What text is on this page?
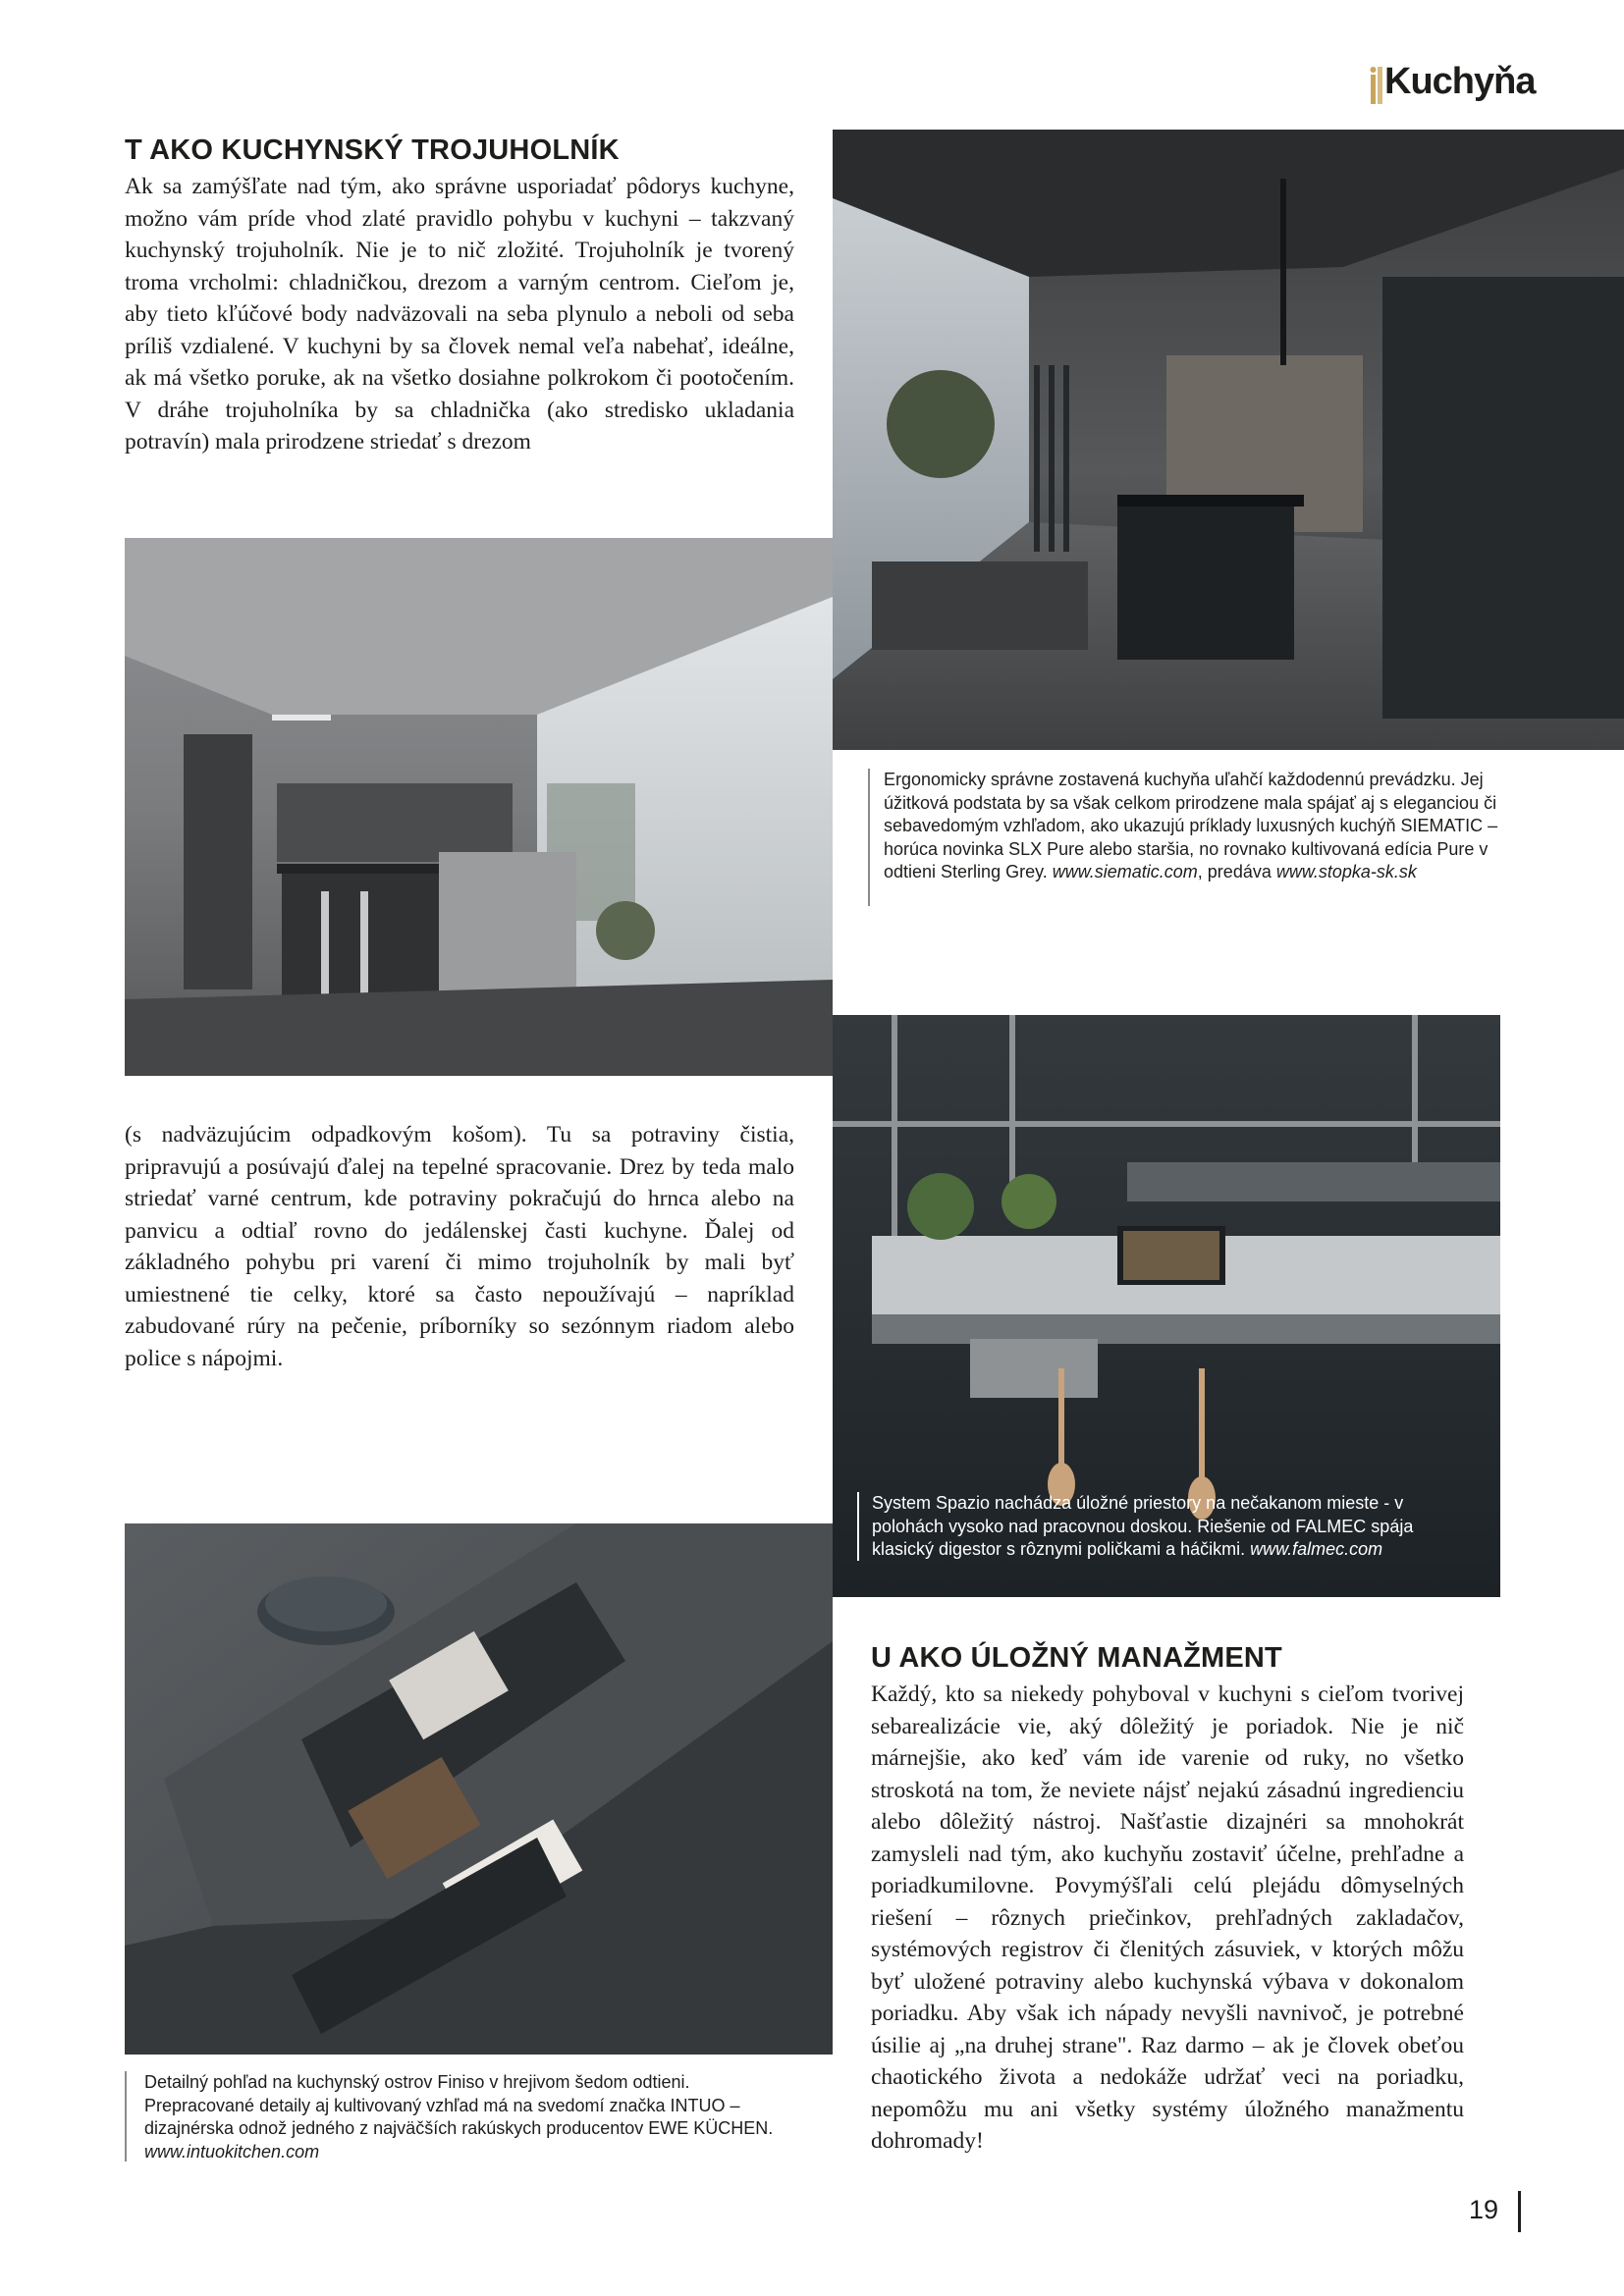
Kuchyňa
T AKO KUCHYNSKÝ TROJUHOLNÍK

Ak sa zamýšľate nad tým, ako správne usporiadať pôdorys kuchyne, možno vám príde vhod zlaté pravidlo pohybu v kuchyni – takzvaný kuchynský trojuholník. Nie je to nič zložité. Trojuholník je tvorený troma vrcholmi: chladničkou, drezom a varným centrom. Cieľom je, aby tieto kľúčové body nadväzovali na seba plynulo a neboli od seba príliš vzdialené. V kuchyni by sa človek nemal veľa nabehať, ideálne, ak má všetko poruke, ak na všetko dosiahne polkrokom či pootočením. V dráhe trojuholníka by sa chladnička (ako stredisko ukladania potravín) mala prirodzene striedať s drezom

Ergonomicky správne zostavená kuchyňa uľahčí každodennú prevádzku. Jej úžitková podstata by sa však celkom prirodzene mala spájať aj s eleganciou či sebavedomým vzhľadom, ako ukazujú príklady luxusných kuchýň SIEMATIC – horúca novinka SLX Pure alebo staršia, no rovnako kultivovaná edícia Pure v odtieni Sterling Grey. www.siematic.com, predáva www.stopka-sk.sk
System Spazio nachádza úložné priestory na nečakanom mieste - v polohách vysoko nad pracovnou doskou. Riešenie od FALMEC spája klasický digestor s rôznymi poličkami a háčikmi. www.falmec.com

(s nadväzujúcim odpadkovým košom). Tu sa potraviny čistia, pripravujú a posúvajú ďalej na tepelné spracovanie. Drez by teda malo striedať varné centrum, kde potraviny pokračujú do hrnca alebo na panvicu a odtiaľ rovno do jedálenskej časti kuchyne. Ďalej od základného pohybu pri varení či mimo trojuholník by mali byť umiestnené tie celky, ktoré sa často nepoužívajú – napríklad zabudované rúry na pečenie, príborníky so sezónnym riadom alebo police s nápojmi.

Detailný pohľad na kuchynský ostrov Finiso v hrejivom šedom odtieni. Prepracované detaily aj kultivovaný vzhľad má na svedomí značka INTUO – dizajnérska odnož jedného z najväčších rakúskych producentov EWE KÜCHEN. www.intuokitchen.com
U AKO ÚLOŽNÝ MANAŽMENT

Každý, kto sa niekedy pohyboval v kuchyni s cieľom tvorivej sebarealizácie vie, aký dôležitý je poriadok. Nie je nič márnejšie, ako keď vám ide varenie od ruky, no všetko stroskotá na tom, že neviete nájsť nejakú zásadnú ingredienciu alebo dôležitý nástroj. Našťastie dizajnéri sa mnohokrát zamysleli nad tým, ako kuchyňu zostaviť účelne, prehľadne a poriadkumilovne. Povymýšľali celú plejádu dômyselných riešení – rôznych priečinkov, prehľadných zakladačov, systémových registrov či členitých zásuviek, v ktorých môžu byť uložené potraviny alebo kuchynská výbava v dokonalom poriadku. Aby však ich nápady nevyšli navnivoč, je potrebné úsilie aj „na druhej strane". Raz darmo – ak je človek obeťou chaotického života a nedokáže udržať veci na poriadku, nepomôžu mu ani všetky systémy úložného manažmentu dohromady!

19
